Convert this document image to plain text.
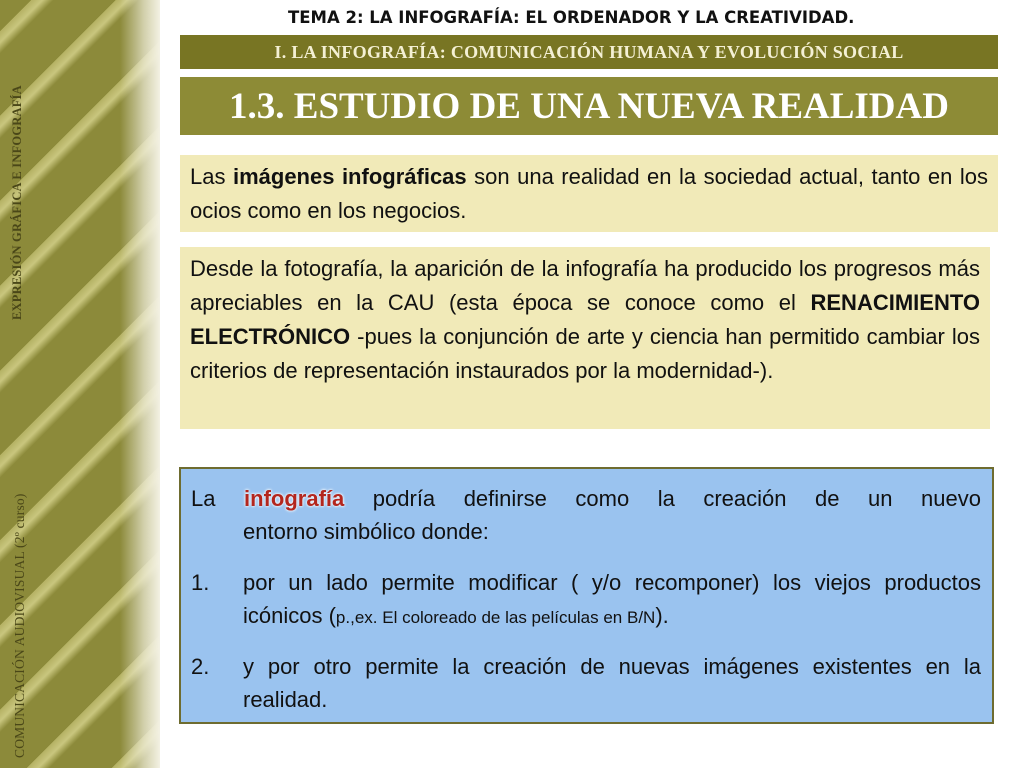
EXPRESIÓN GRÁFICA E INFOGRAFÍA
COMUNICACIÓN AUDIOVISUAL (2º curso)
TEMA 2: LA INFOGRAFÍA: EL ORDENADOR Y LA CREATIVIDAD.
I. LA INFOGRAFÍA: COMUNICACIÓN HUMANA Y EVOLUCIÓN SOCIAL
1.3. ESTUDIO DE UNA NUEVA REALIDAD
Las imágenes infográficas son una realidad en la sociedad actual, tanto en los ocios como en los negocios.
Desde la fotografía, la aparición de la infografía ha producido los progresos más apreciables en la CAU (esta época se conoce como el RENACIMIENTO ELECTRÓNICO -pues la conjunción de arte y ciencia han permitido cambiar los criterios de representación instaurados por la modernidad-).
La infografía podría definirse como la creación de un nuevo
entorno simbólico donde:
1.	por un lado permite modificar ( y/o recomponer) los viejos productos icónicos (p.,ex. El coloreado de las películas en B/N).
2.	y por otro permite la creación de nuevas imágenes existentes en la realidad.
